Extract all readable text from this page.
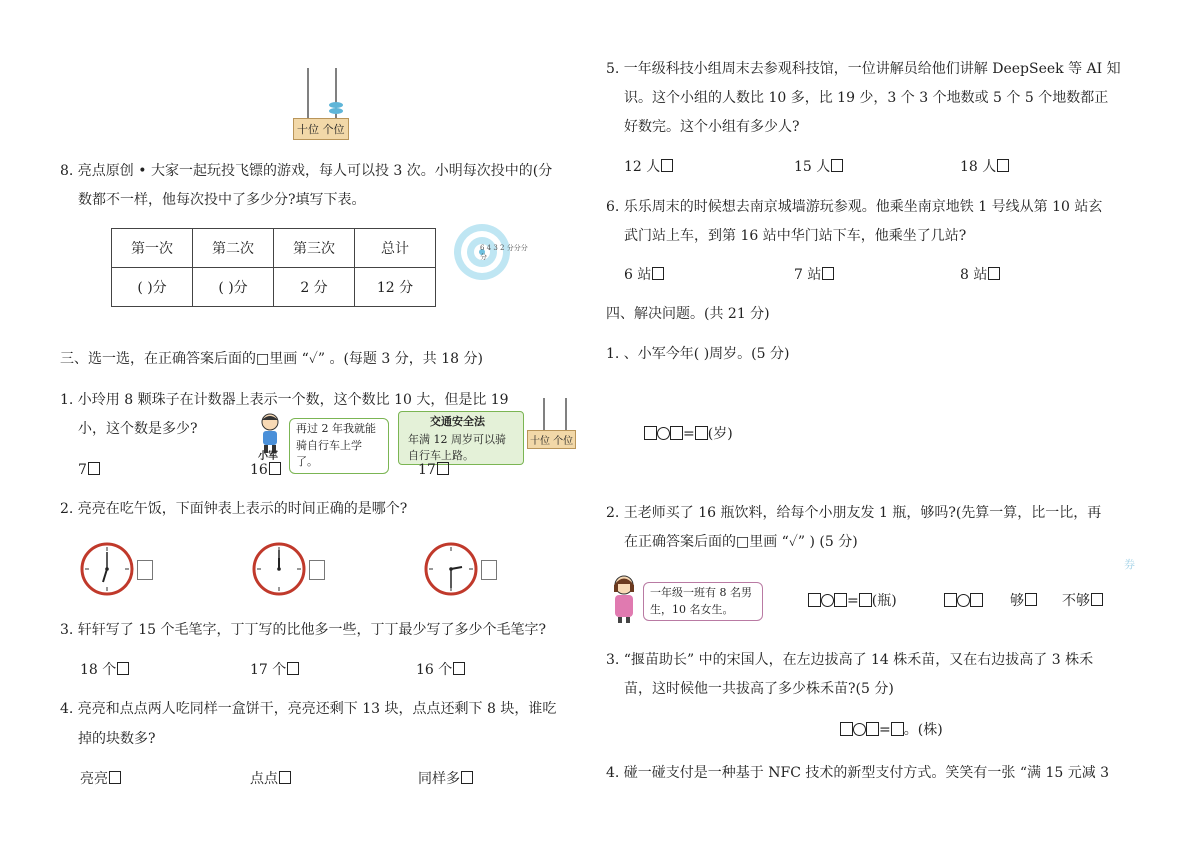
十位 个位
8. 亮点原创 • 大家一起玩投飞镖的游戏，每人可以投 3 次。小明每次投中的(分
数都不一样，他每次投中了多少分?填写下表。
第一次	第二次	第三次	总计
( )分	( )分	2 分	12 分
6 4 3 2 分分分分
三、选一选，在正确答案后面的□里画 “✓” 。(每题 3 分，共 18 分)
1. 小玲用 8 颗珠子在计数器上表示一个数，这个数比 10 大，但是比 19
小，这个数是多少?
小军
再过 2 年我就能骑自行车上学了。
交通安全法
年满 12 周岁可以骑自行车上路。
十位 个位
7	16	17
2. 亮亮在吃午饭，下面钟表上表示的时间正确的是哪个?
3. 轩轩写了 15 个毛笔字，丁丁写的比他多一些，丁丁最少写了多少个毛笔字?
18 个	17 个	16 个
4. 亮亮和点点两人吃同样一盒饼干，亮亮还剩下 13 块，点点还剩下 8 块，谁吃
掉的块数多?
亮亮	点点	同样多
5. 一年级科技小组周末去参观科技馆，一位讲解员给他们讲解 DeepSeek 等 AI 知
识。这个小组的人数比 10 多，比 19 少，3 个 3 个地数或 5 个 5 个地数都正
好数完。这个小组有多少人?
12 人	15 人	18 人
6. 乐乐周末的时候想去南京城墙游玩参观。他乘坐南京地铁 1 号线从第 10 站玄
武门站上车，到第 16 站中华门站下车，他乘坐了几站?
6 站	7 站	8 站
四、解决问题。(共 21 分)
1. 、小军今年( )周岁。(5 分)
= (岁)
2. 王老师买了 16 瓶饮料，给每个小朋友发 1 瓶，够吗?(先算一算，比一比，再
在正确答案后面的□里画 “✓” ) (5 分)
券
一年级一班有 8 名男生，10 名女生。	= (瓶)	够	不够
3. “揠苗助长” 中的宋国人，在左边拔高了 14 株禾苗，又在右边拔高了 3 株禾
苗，这时候他一共拔高了多少株禾苗?(5 分)
= 。(株)
4. 碰一碰支付是一种基于 NFC 技术的新型支付方式。笑笑有一张 “满 15 元减 3
